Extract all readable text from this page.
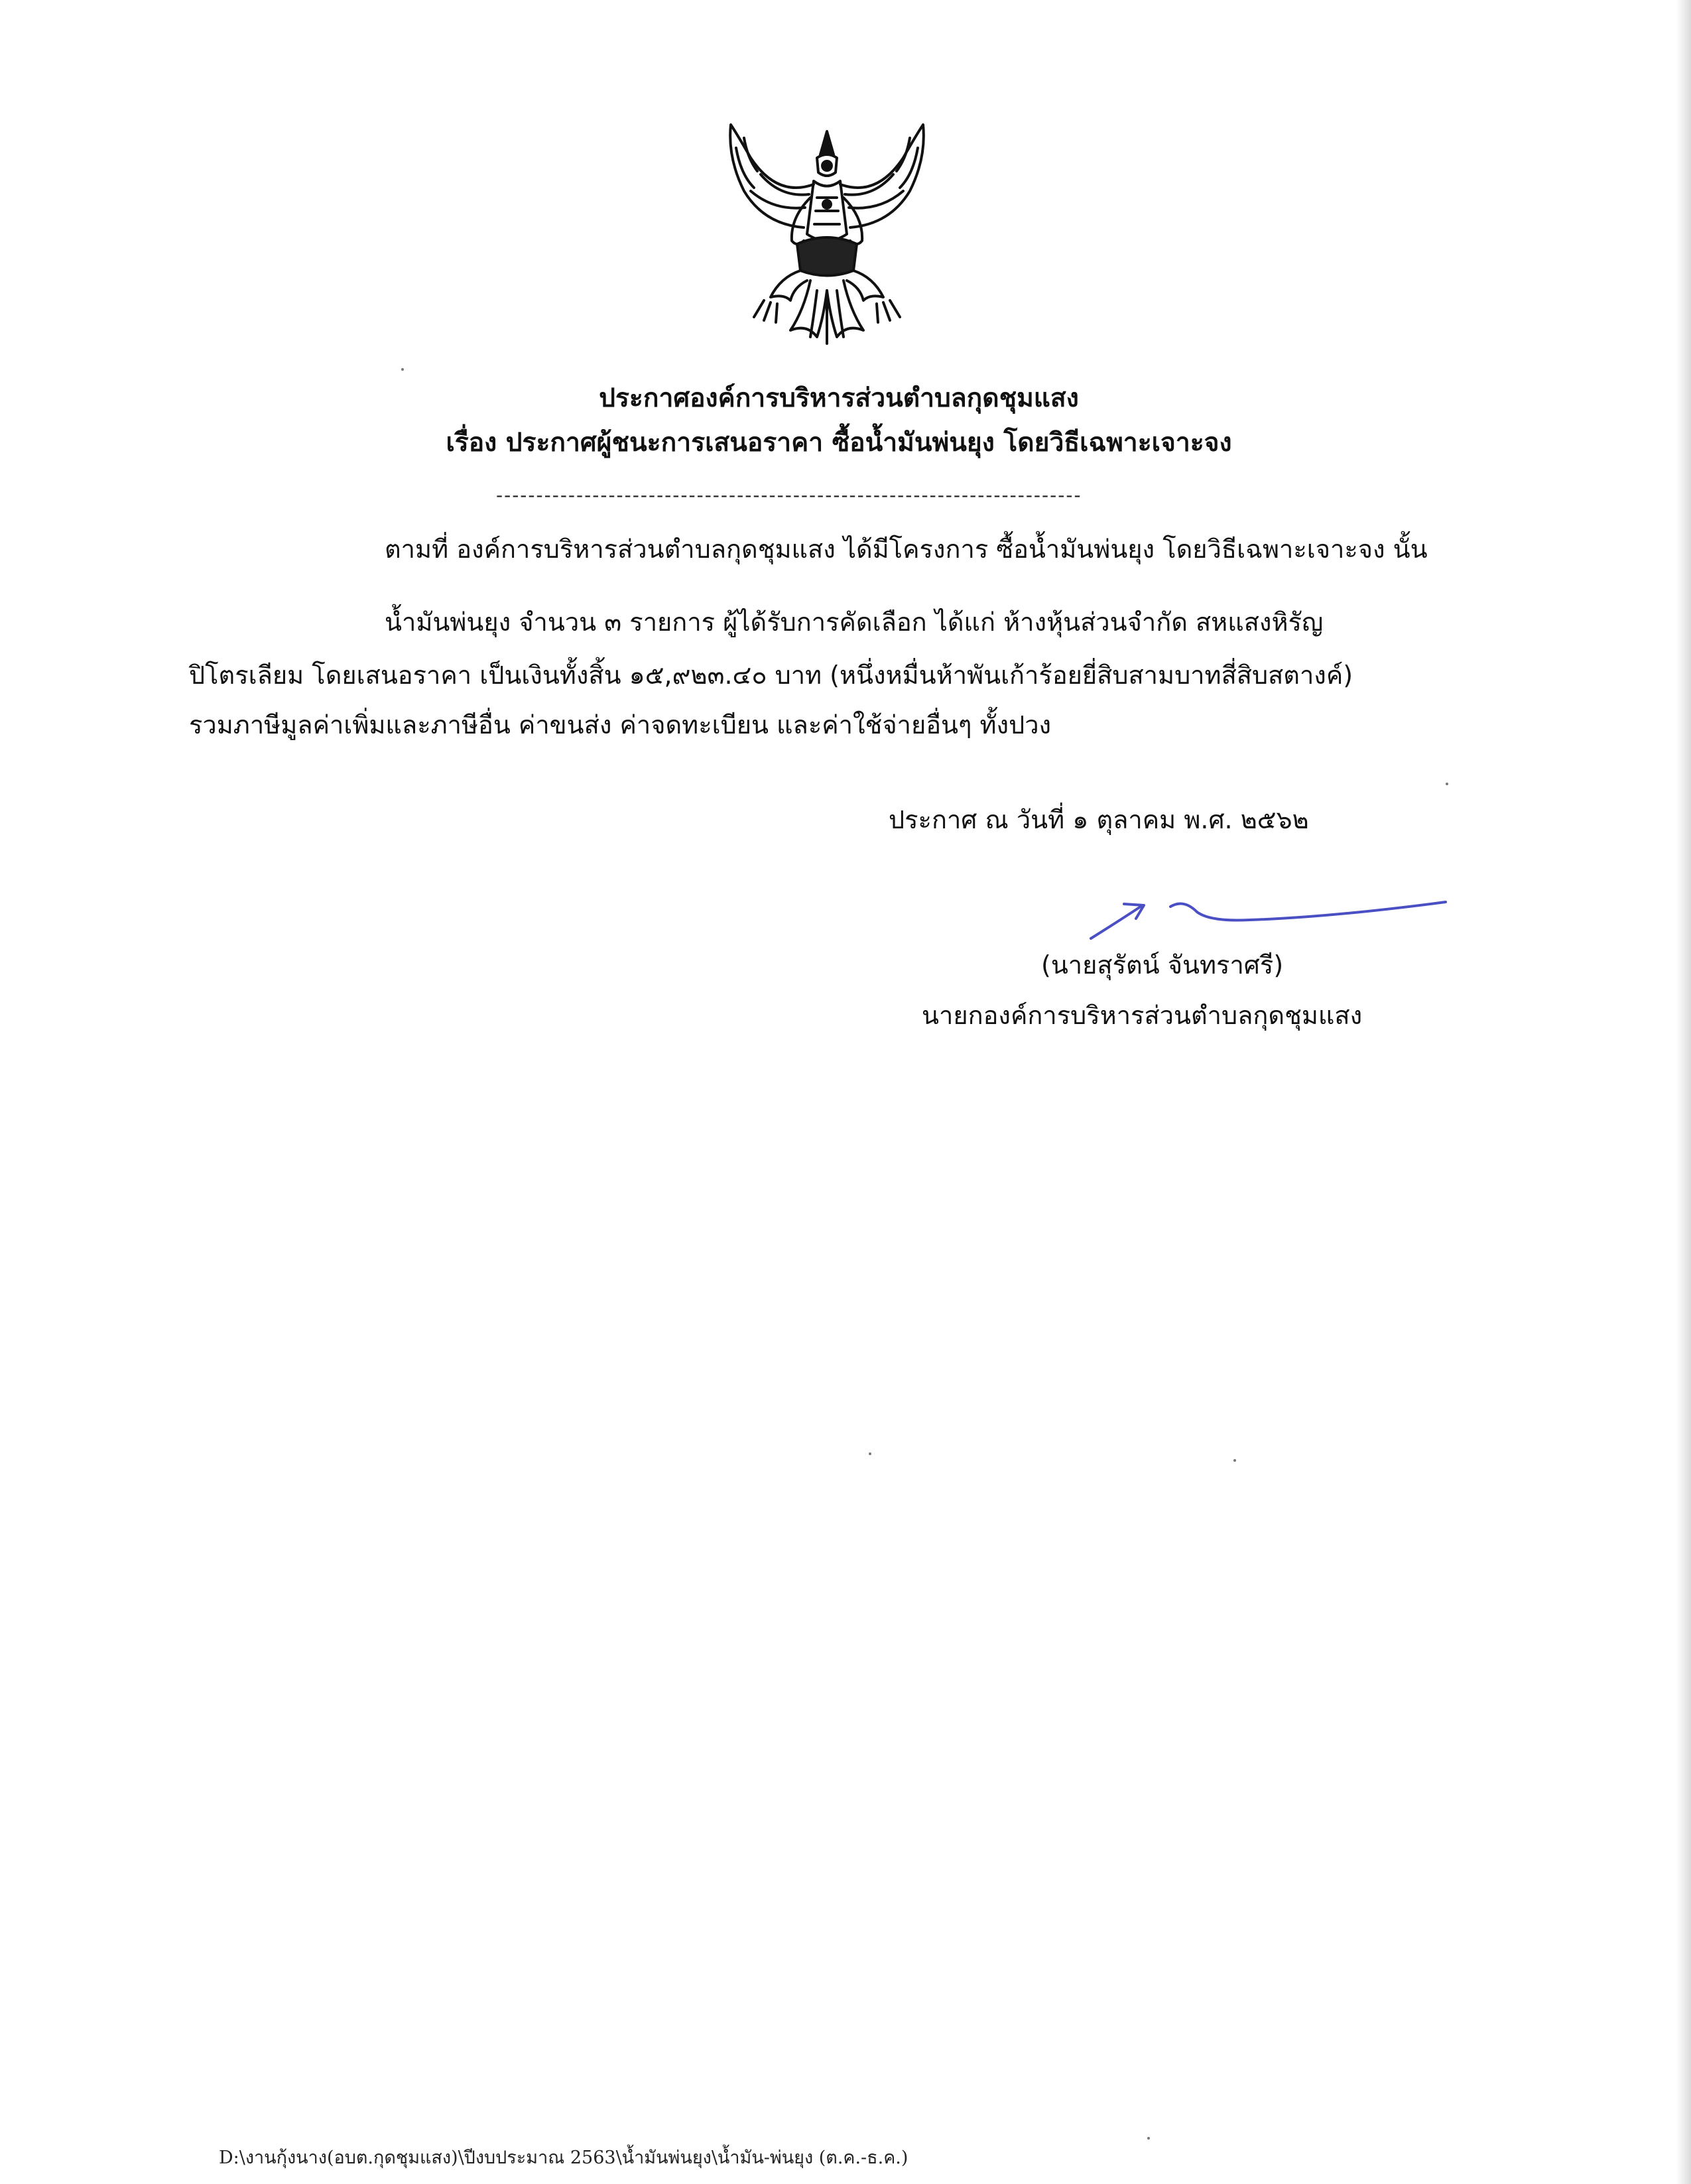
ประกาศองค์การบริหารส่วนตำบลกุดชุมแสง
เรื่อง ประกาศผู้ชนะการเสนอราคา ซื้อน้ำมันพ่นยุง โดยวิธีเฉพาะเจาะจง
-------------------------------------------------------------------------
ตามที่ องค์การบริหารส่วนตำบลกุดชุมแสง ได้มีโครงการ ซื้อน้ำมันพ่นยุง โดยวิธีเฉพาะเจาะจง นั้น
น้ำมันพ่นยุง จำนวน ๓ รายการ ผู้ได้รับการคัดเลือก ได้แก่ ห้างหุ้นส่วนจำกัด สหแสงหิรัญ
ปิโตรเลียม โดยเสนอราคา เป็นเงินทั้งสิ้น ๑๕,๙๒๓.๔๐ บาท (หนึ่งหมื่นห้าพันเก้าร้อยยี่สิบสามบาทสี่สิบสตางค์)
รวมภาษีมูลค่าเพิ่มและภาษีอื่น ค่าขนส่ง ค่าจดทะเบียน และค่าใช้จ่ายอื่นๆ ทั้งปวง
ประกาศ ณ วันที่ ๑ ตุลาคม พ.ศ. ๒๕๖๒
(นายสุรัตน์ จันทราศรี)
นายกองค์การบริหารส่วนตำบลกุดชุมแสง
D:\งานกุ้งนาง(อบต.กุดชุมแสง)\ปีงบประมาณ 2563\น้ำมันพ่นยุง\น้ำมัน-พ่นยุง (ต.ค.-ธ.ค.)
